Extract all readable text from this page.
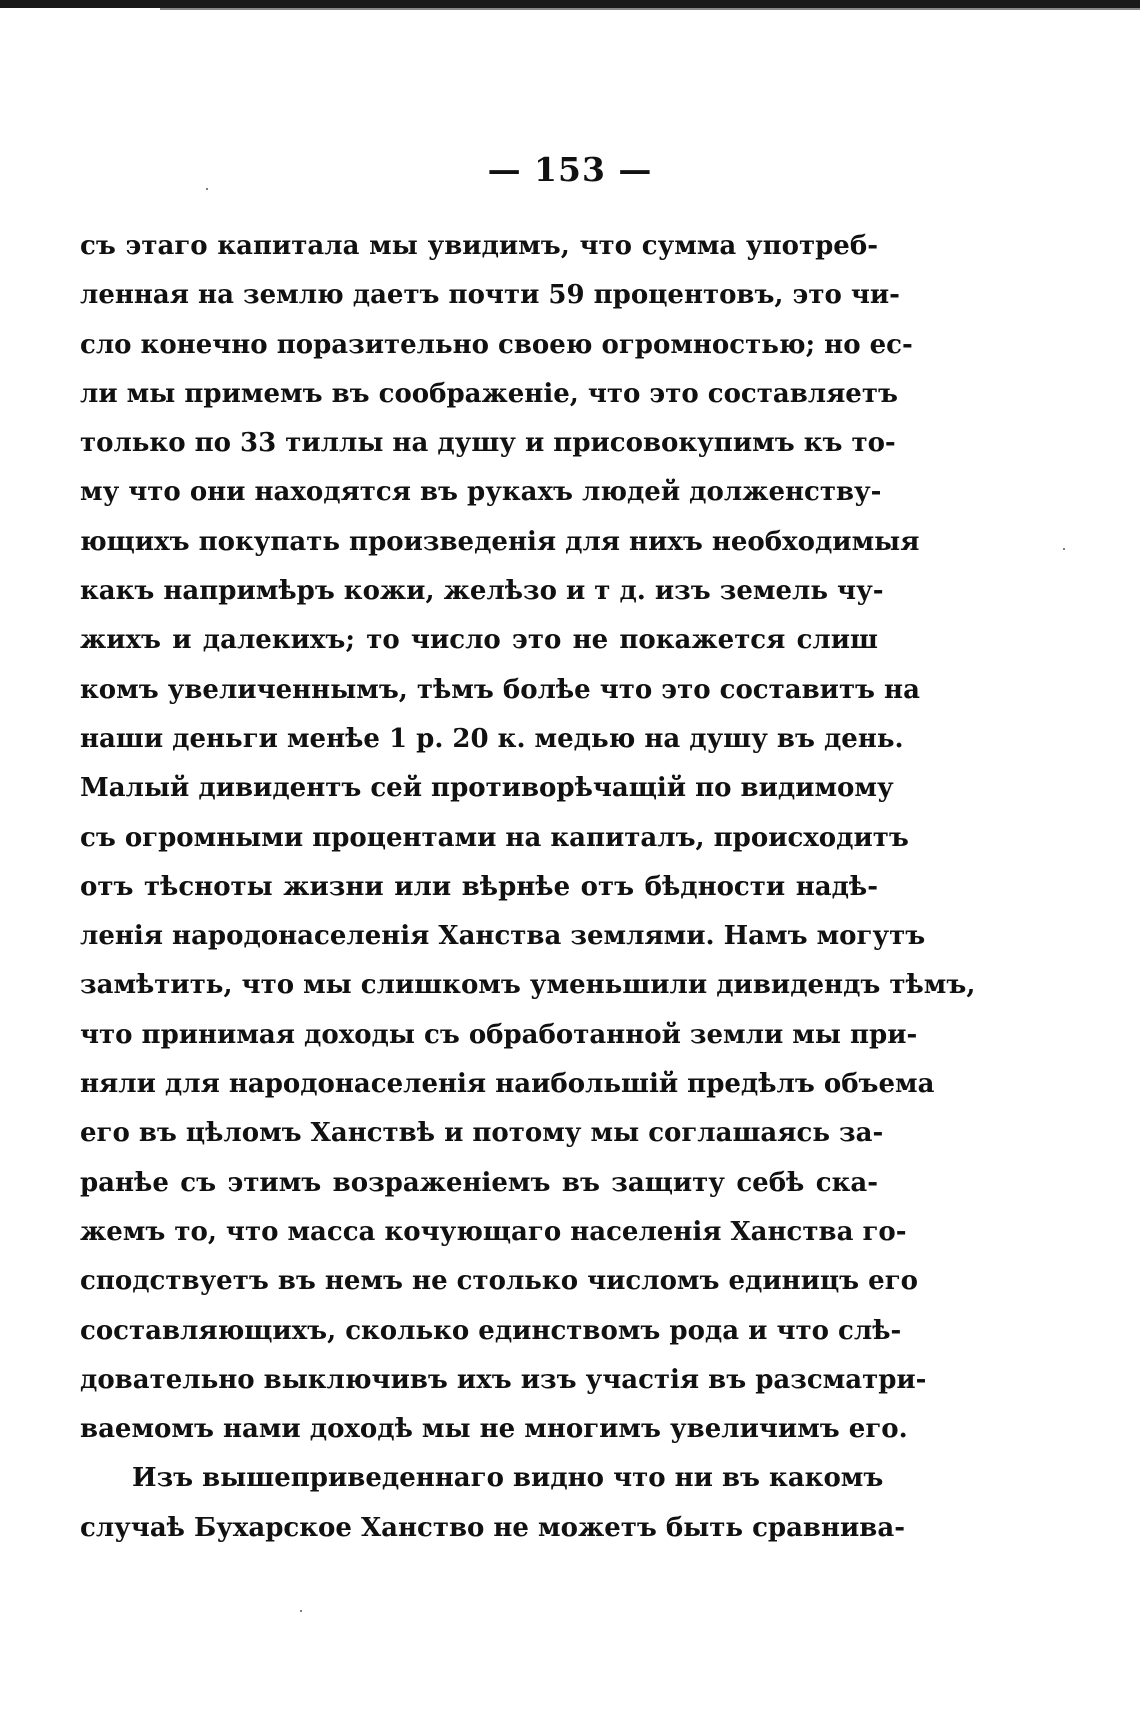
— 153 —
съ этаго капитала мы увидимъ, что сумма употреб-
ленная на землю даетъ почти 59 процентовъ, это чи-
сло конечно поразительно своею огромностью; но ес-
ли мы примемъ въ соображеніе, что это составляетъ
только по 33 тиллы на душу и присовокупимъ къ то-
му что они находятся въ рукахъ людей долженству-
ющихъ покупать произведенія для нихъ необходимыя
какъ напримѣръ кожи, желѣзо и т д. изъ земель чу-
жихъ и далекихъ; то число это не покажется слиш
комъ увеличеннымъ, тѣмъ болѣе что это составитъ на
наши деньги менѣе 1 р. 20 к. медью на душу въ день.
Малый дивидентъ сей противорѣчащій по видимому
съ огромными процентами на капиталъ, происходитъ
отъ тѣсноты жизни или вѣрнѣе отъ бѣдности надѣ-
ленія народонаселенія Ханства землями. Намъ могутъ
замѣтить, что мы слишкомъ уменьшили дивидендъ тѣмъ,
что принимая доходы съ обработанной земли мы при-
няли для народонаселенія наибольшій предѣлъ объема
его въ цѣломъ Ханствѣ и потому мы соглашаясь за-
ранѣе съ этимъ возраженіемъ въ защиту себѣ ска-
жемъ то, что масса кочующаго населенія Ханства го-
сподствуетъ въ немъ не столько числомъ единицъ его
составляющихъ, сколько единствомъ рода и что слѣ-
довательно выключивъ ихъ изъ участія въ разсматри-
ваемомъ нами доходѣ мы не многимъ увеличимъ его.
Изъ вышеприведеннаго видно что ни въ какомъ
случаѣ Бухарское Ханство не можетъ быть сравнива-
